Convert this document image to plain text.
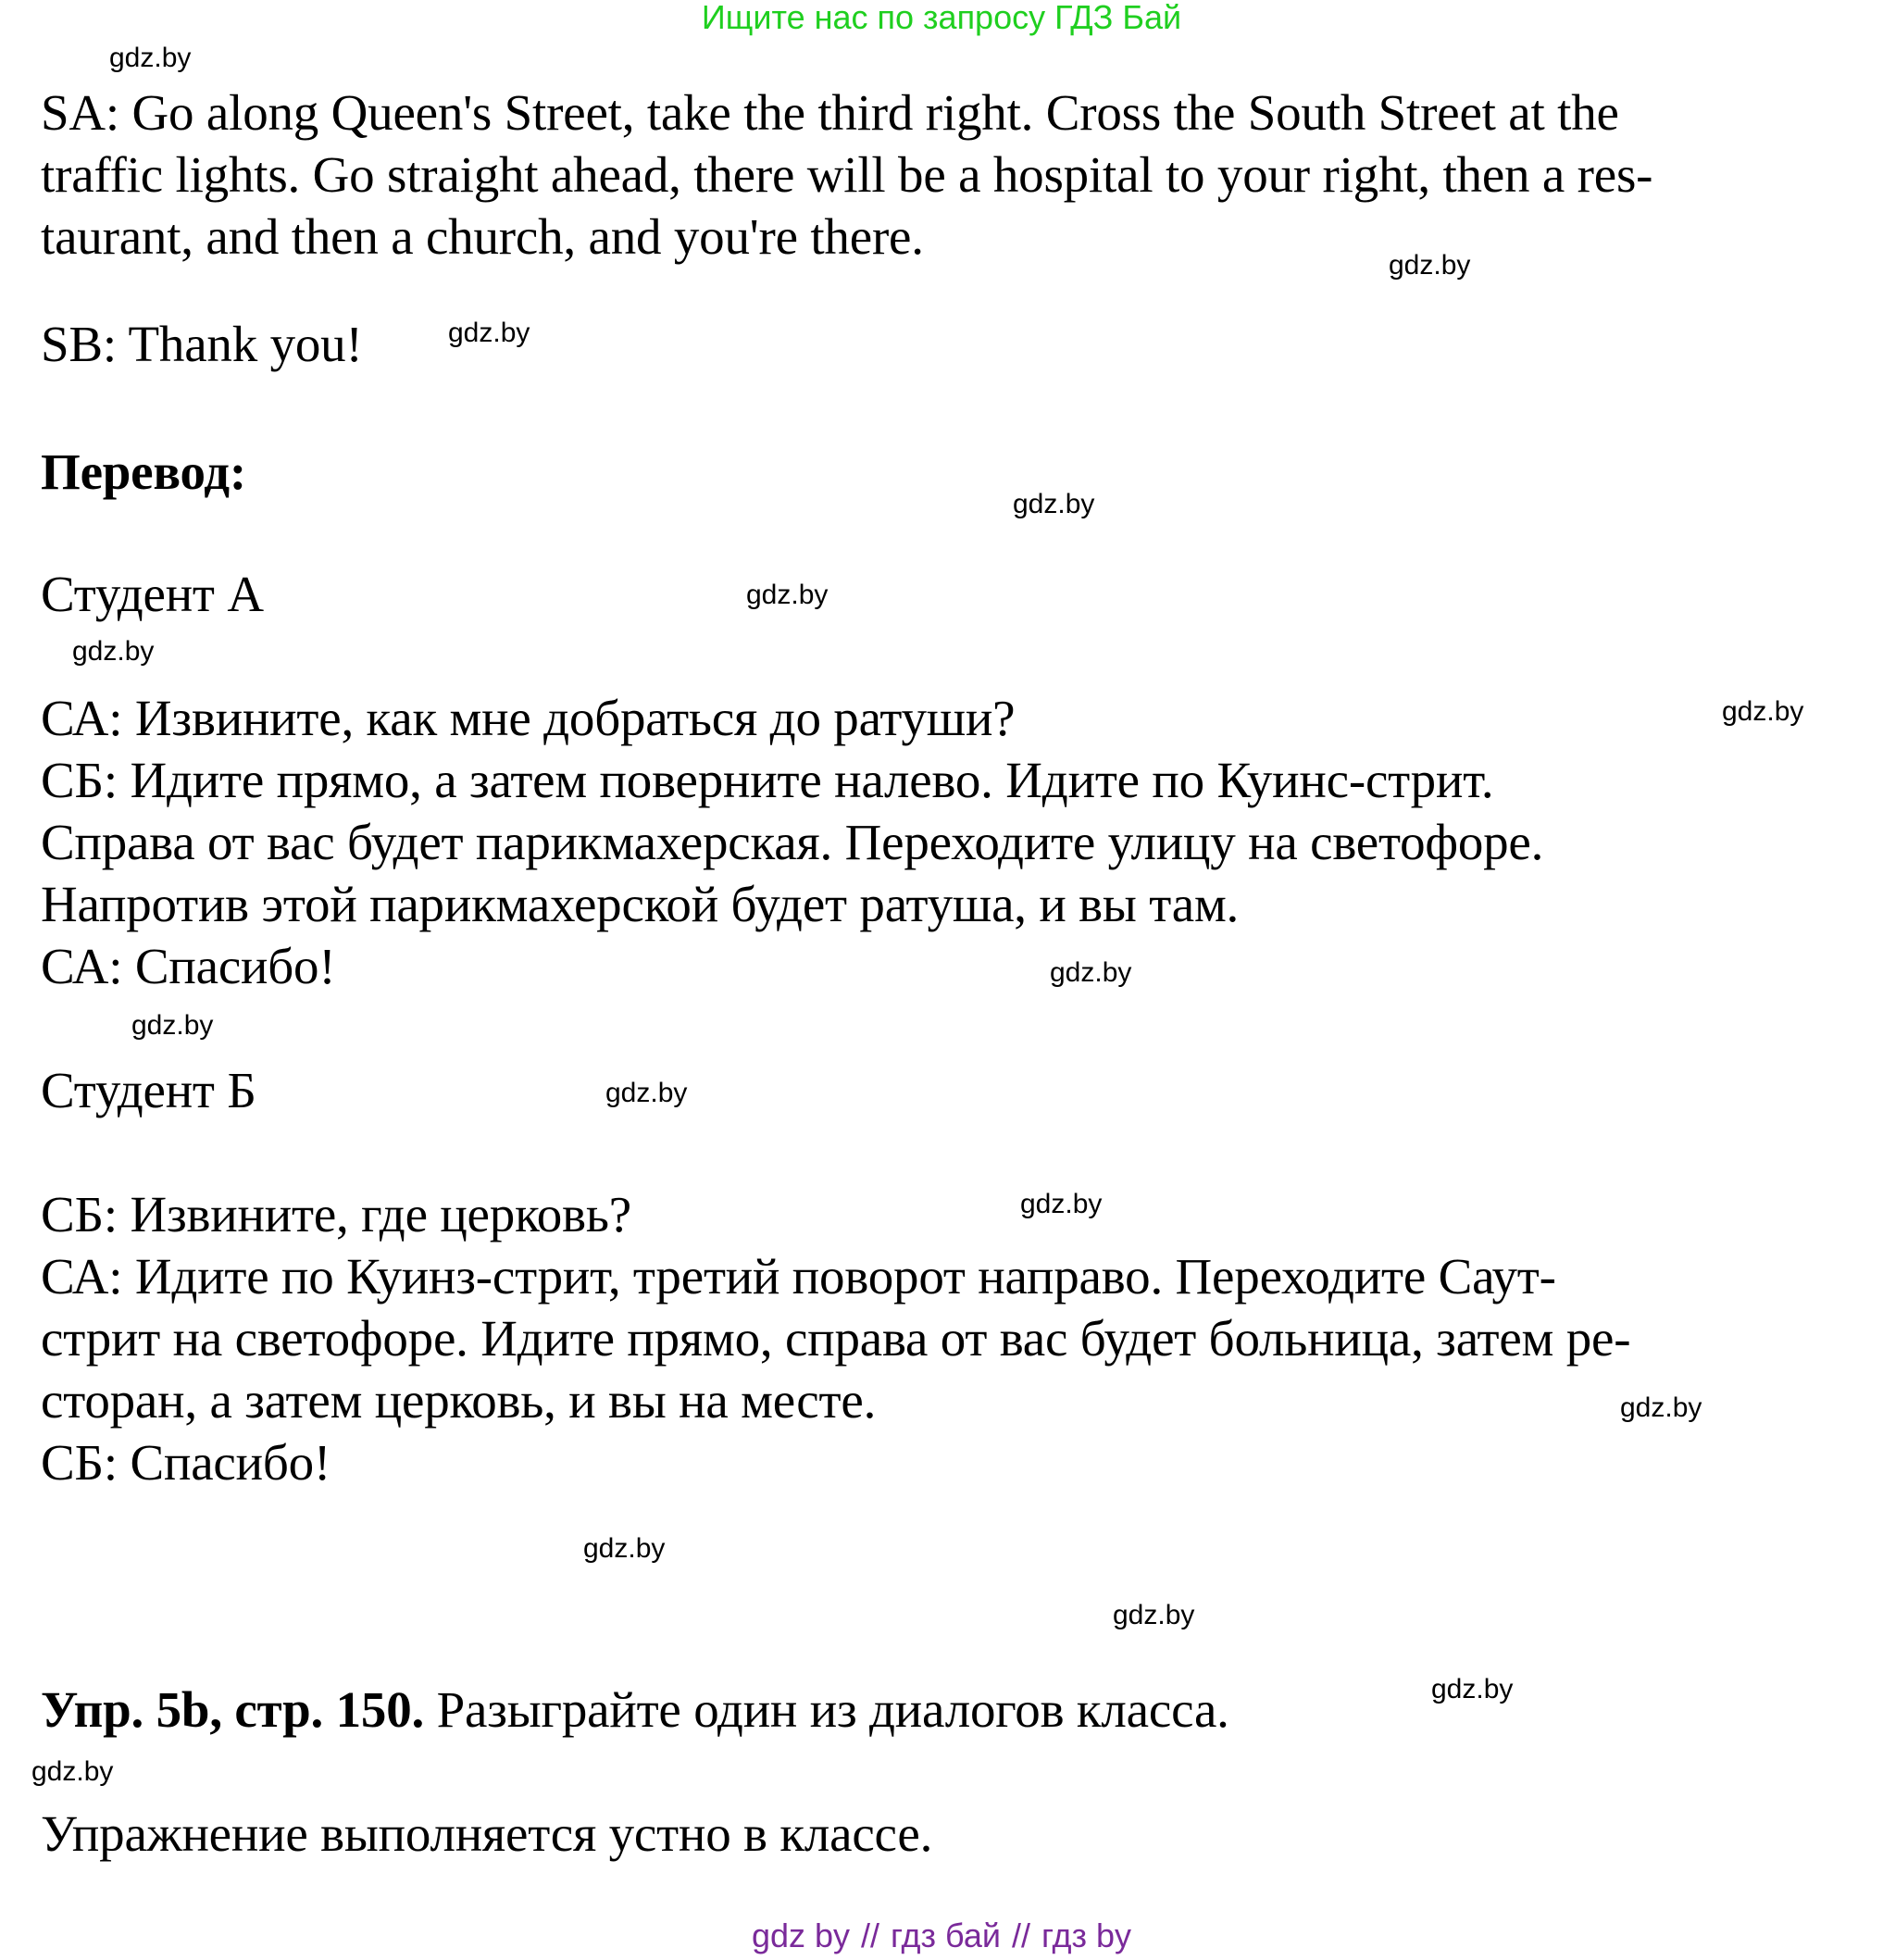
Ищите нас по запросу ГДЗ Бай
gdz.by
gdz.by
gdz.by
gdz.by
gdz.by
gdz.by
gdz.by
gdz.by
gdz.by
gdz.by
gdz.by
gdz.by
gdz.by
gdz.by
gdz.by
gdz.by
SA: Go along Queen's Street, take the third right. Cross the South Street at the
traffic lights. Go straight ahead, there will be a hospital to your right, then a res-
taurant, and then a church, and you're there.
SB: Thank you!
Перевод:
Студент А
СА: Извините, как мне добраться до ратуши?
СБ: Идите прямо, а затем поверните налево. Идите по Куинс-стрит.
Справа от вас будет парикмахерская. Переходите улицу на светофоре.
Напротив этой парикмахерской будет ратуша, и вы там.
СА: Спасибо!
Студент Б
СБ: Извините, где церковь?
СА: Идите по Куинз-стрит, третий поворот направо. Переходите Саут-
стрит на светофоре. Идите прямо, справа от вас будет больница, затем ре-
сторан, а затем церковь, и вы на месте.
СБ: Спасибо!
Упр. 5b, стр. 150. Разыграйте один из диалогов класса.
Упражнение выполняется устно в классе.
gdz by // гдз бай // гдз by
